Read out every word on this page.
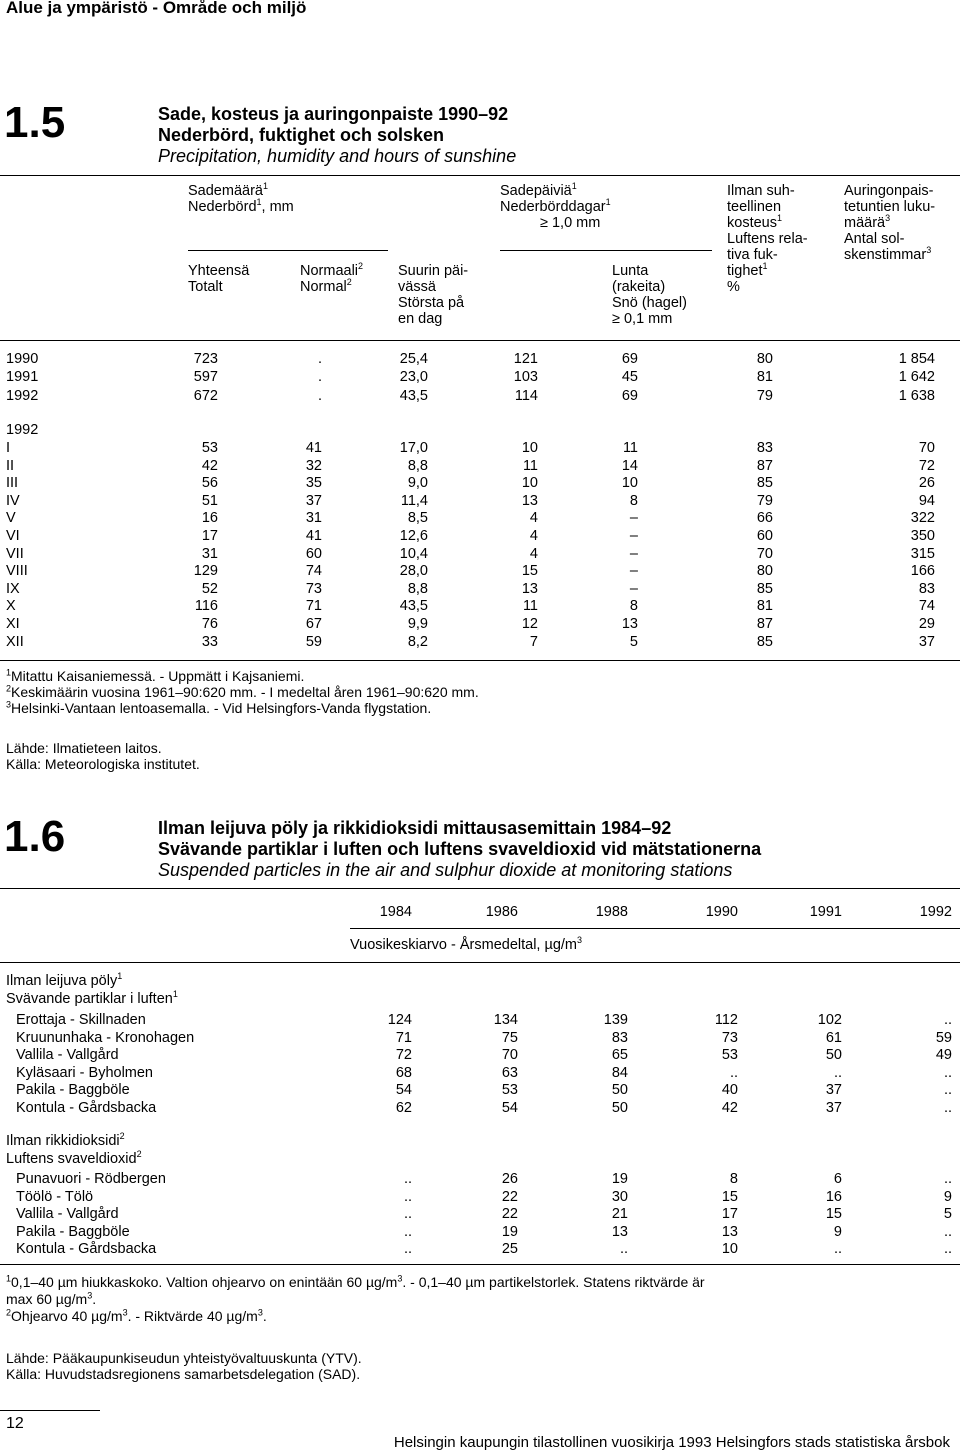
Alue ja ympäristö - Område och miljö
1.5	Sade, kosteus ja auringonpaiste 1990–92
Nederbörd, fuktighet och solsken
Precipitation, humidity and hours of sunshine
Sademäärä$^1$
Nederbörd$^1$, mm
Sadepäiviä$^1$
Nederbörddagar$^1$
≥ 1,0 mm
Ilman suh-
teellinen
kosteus$^1$
Luftens rela-
tiva fuk-
tighet$^1$
%
Auringonpais-
tetuntien luku-
määrä$^3$
Antal sol-
skenstimmar$^3$
Yhteensä
Totalt
Normaali$^2$
Normal$^2$
Suurin päi-
vässä
Största på
en dag
Lunta
(rakeita)
Snö (hagel)
≥ 0,1 mm
1990	723	.	25,4	121	69	80	1 854
1991	597	.	23,0	103	45	81	1 642
1992	672	.	43,5	114	69	79	1 638
1992
I	53	41	17,0	10	11	83	70
II	42	32	8,8	11	14	87	72
III	56	35	9,0	10	10	85	26
IV	51	37	11,4	13	8	79	94
V	16	31	8,5	4	–	66	322
VI	17	41	12,6	4	–	60	350
VII	31	60	10,4	4	–	70	315
VIII	129	74	28,0	15	–	80	166
IX	52	73	8,8	13	–	85	83
X	116	71	43,5	11	8	81	74
XI	76	67	9,9	12	13	87	29
XII	33	59	8,2	7	5	85	37
$^1$Mitattu Kaisaniemessä. - Uppmätt i Kajsaniemi.
$^2$Keskimäärin vuosina 1961–90:620 mm. - I medeltal åren 1961–90:620 mm.
$^3$Helsinki-Vantaan lentoasemalla. - Vid Helsingfors-Vanda flygstation.
Lähde: Ilmatieteen laitos.
Källa: Meteorologiska institutet.
1.6	Ilman leijuva pöly ja rikkidioksidi mittausasemittain 1984–92
Svävande partiklar i luften och luftens svaveldioxid vid mätstationerna
Suspended particles in the air and sulphur dioxide at monitoring stations
1984	1986	1988	1990	1991	1992
Vuosikeskiarvo - Årsmedeltal, $\mu g/m^3$
Ilman leijuva pöly$^1$
Svävande partiklar i luften$^1$
Erottaja - Skillnaden	124	134	139	112	102	..
Kruununhaka - Kronohagen	71	75	83	73	61	59
Vallila - Vallgård	72	70	65	53	50	49
Kyläsaari - Byholmen	68	63	84	..	..	..
Pakila - Baggböle	54	53	50	40	37	..
Kontula - Gårdsbacka	62	54	50	42	37	..
Ilman rikkidioksidi$^2$
Luftens svaveldioxid$^2$
Punavuori - Rödbergen	..	26	19	8	6	..
Töölö - Tölö	..	22	30	15	16	9
Vallila - Vallgård	..	22	21	17	15	5
Pakila - Baggböle	..	19	13	13	9	..
Kontula - Gårdsbacka	..	25	..	10	..	..
$^1$0,1–40 µm hiukkaskoko. Valtion ohjearvo on enintään 60 $\mu g/m^3$. - 0,1–40 µm partikelstorlek. Statens riktvärde är
max 60 $\mu g/m^3$.
$^2$Ohjearvo 40 $\mu g/m^3$. - Riktvärde 40 $\mu g/m^3$.
Lähde: Pääkaupunkiseudun yhteistyövaltuuskunta (YTV).
Källa: Huvudstadsregionens samarbetsdelegation (SAD).
12
Helsingin kaupungin tilastollinen vuosikirja 1993 Helsingfors stads statistiska årsbok
